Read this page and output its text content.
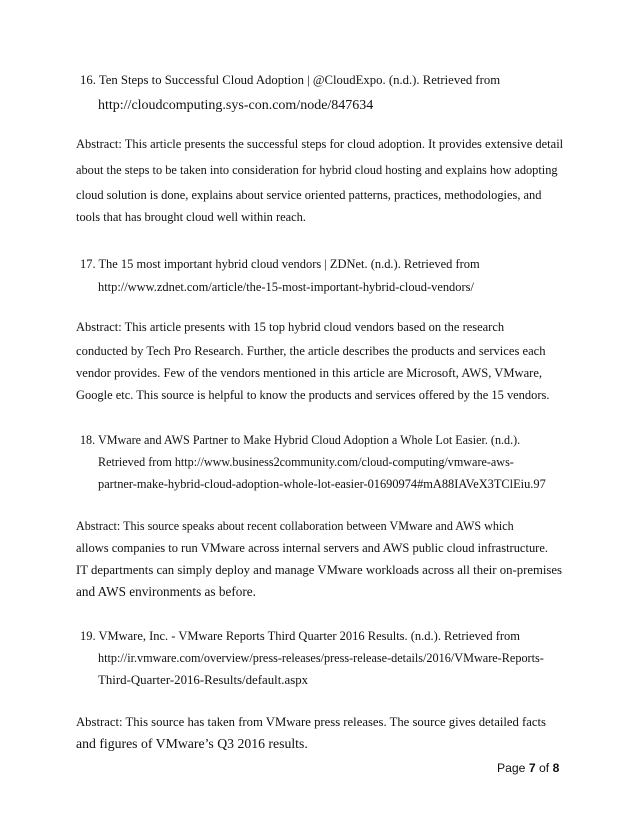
16. Ten Steps to Successful Cloud Adoption | @CloudExpo. (n.d.). Retrieved from
http://cloudcomputing.sys-con.com/node/847634
Abstract: This article presents the successful steps for cloud adoption. It provides extensive detail
about the steps to be taken into consideration for hybrid cloud hosting and explains how adopting
cloud solution is done, explains about service oriented patterns, practices, methodologies, and
tools that has brought cloud well within reach.
17. The 15 most important hybrid cloud vendors | ZDNet. (n.d.). Retrieved from
http://www.zdnet.com/article/the-15-most-important-hybrid-cloud-vendors/
Abstract: This article presents with 15 top hybrid cloud vendors based on the research
conducted by Tech Pro Research. Further, the article describes the products and services each
vendor provides. Few of the vendors mentioned in this article are Microsoft, AWS, VMware,
Google etc. This source is helpful to know the products and services offered by the 15 vendors.
18. VMware and AWS Partner to Make Hybrid Cloud Adoption a Whole Lot Easier. (n.d.).
Retrieved from http://www.business2community.com/cloud-computing/vmware-aws-
partner-make-hybrid-cloud-adoption-whole-lot-easier-01690974#mA88IAVeX3TClEiu.97
Abstract: This source speaks about recent collaboration between VMware and AWS which
allows companies to run VMware across internal servers and AWS public cloud infrastructure.
IT departments can simply deploy and manage VMware workloads across all their on-premises
and AWS environments as before.
19. VMware, Inc. - VMware Reports Third Quarter 2016 Results. (n.d.). Retrieved from
http://ir.vmware.com/overview/press-releases/press-release-details/2016/VMware-Reports-
Third-Quarter-2016-Results/default.aspx
Abstract: This source has taken from VMware press releases. The source gives detailed facts
and figures of VMware’s Q3 2016 results.
Page 7 of 8
